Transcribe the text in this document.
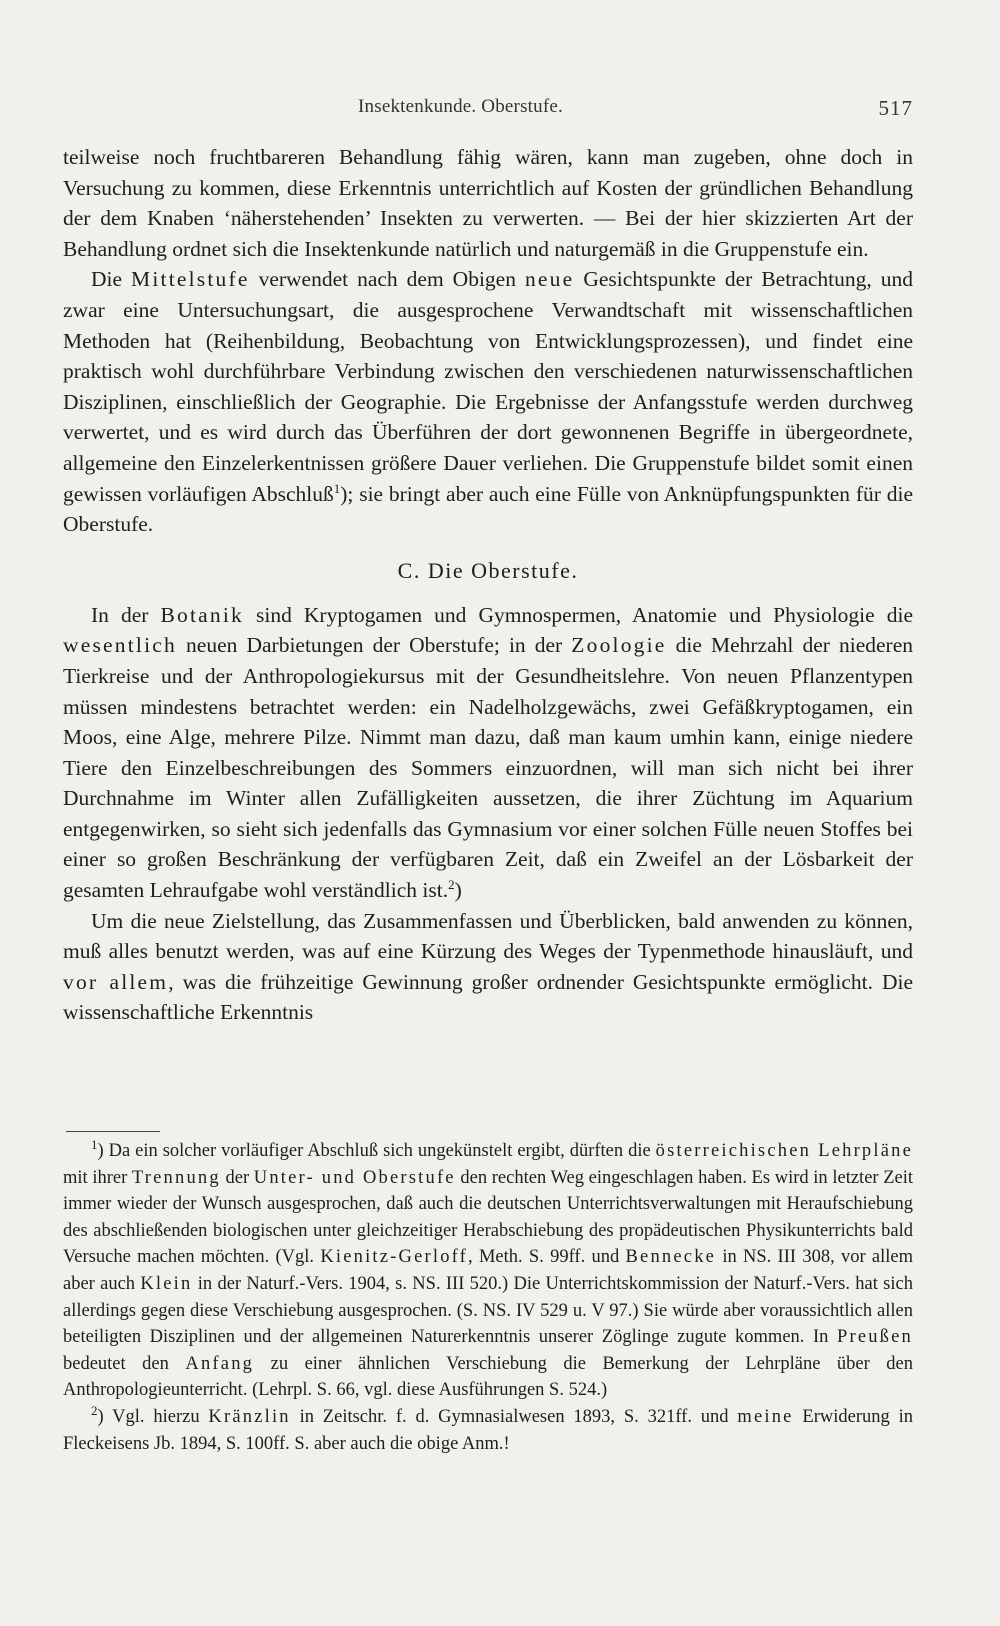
Insektenkunde. Oberstufe.	517

teilweise noch fruchtbareren Behandlung fähig wären, kann man zugeben, ohne doch in Versuchung zu kommen, diese Erkenntnis unterrichtlich auf Kosten der gründlichen Behandlung der dem Knaben ‘näherstehenden’ Insekten zu verwerten. — Bei der hier skizzierten Art der Behandlung ordnet sich die Insektenkunde natürlich und naturgemäß in die Gruppenstufe ein.

Die Mittelstufe verwendet nach dem Obigen neue Gesichtspunkte der Betrachtung, und zwar eine Untersuchungsart, die ausgesprochene Verwandtschaft mit wissenschaftlichen Methoden hat (Reihenbildung, Beobachtung von Entwicklungsprozessen), und findet eine praktisch wohl durchführbare Verbindung zwischen den verschiedenen naturwissenschaftlichen Disziplinen, einschließlich der Geographie. Die Ergebnisse der Anfangsstufe werden durchweg verwertet, und es wird durch das Überführen der dort gewonnenen Begriffe in übergeordnete, allgemeine den Einzelerkentnissen größere Dauer verliehen. Die Gruppenstufe bildet somit einen gewissen vorläufigen Abschluß$^1$); sie bringt aber auch eine Fülle von Anknüpfungspunkten für die Oberstufe.

C. Die Oberstufe.

In der Botanik sind Kryptogamen und Gymnospermen, Anatomie und Physiologie die wesentlich neuen Darbietungen der Oberstufe; in der Zoologie die Mehrzahl der niederen Tierkreise und der Anthropologiekursus mit der Gesundheitslehre. Von neuen Pflanzentypen müssen mindestens betrachtet werden: ein Nadelholzgewächs, zwei Gefäßkryptogamen, ein Moos, eine Alge, mehrere Pilze. Nimmt man dazu, daß man kaum umhin kann, einige niedere Tiere den Einzelbeschreibungen des Sommers einzuordnen, will man sich nicht bei ihrer Durchnahme im Winter allen Zufälligkeiten aussetzen, die ihrer Züchtung im Aquarium entgegenwirken, so sieht sich jedenfalls das Gymnasium vor einer solchen Fülle neuen Stoffes bei einer so großen Beschränkung der verfügbaren Zeit, daß ein Zweifel an der Lösbarkeit der gesamten Lehraufgabe wohl verständlich ist.$^2$)

Um die neue Zielstellung, das Zusammenfassen und Überblicken, bald anwenden zu können, muß alles benutzt werden, was auf eine Kürzung des Weges der Typenmethode hinausläuft, und vor allem, was die frühzeitige Gewinnung großer ordnender Gesichtspunkte ermöglicht. Die wissenschaftliche Erkenntnis

$^1$) Da ein solcher vorläufiger Abschluß sich ungekünstelt ergibt, dürften die österreichischen Lehrpläne mit ihrer Trennung der Unter- und Oberstufe den rechten Weg eingeschlagen haben. Es wird in letzter Zeit immer wieder der Wunsch ausgesprochen, daß auch die deutschen Unterrichtsverwaltungen mit Heraufschiebung des abschließenden biologischen unter gleichzeitiger Herabschiebung des propädeutischen Physikunterrichts bald Versuche machen möchten. (Vgl. Kienitz-Gerloff, Meth. S. 99ff. und Bennecke in NS. III 308, vor allem aber auch Klein in der Naturf.-Vers. 1904, s. NS. III 520.) Die Unterrichtskommission der Naturf.-Vers. hat sich allerdings gegen diese Verschiebung ausgesprochen. (S. NS. IV 529 u. V 97.) Sie würde aber voraussichtlich allen beteiligten Disziplinen und der allgemeinen Naturerkenntnis unserer Zöglinge zugute kommen. In Preußen bedeutet den Anfang zu einer ähnlichen Verschiebung die Bemerkung der Lehrpläne über den Anthropologieunterricht. (Lehrpl. S. 66, vgl. diese Ausführungen S. 524.)

$^2$) Vgl. hierzu Kränzlin in Zeitschr. f. d. Gymnasialwesen 1893, S. 321ff. und meine Erwiderung in Fleckeisens Jb. 1894, S. 100ff. S. aber auch die obige Anm.!
